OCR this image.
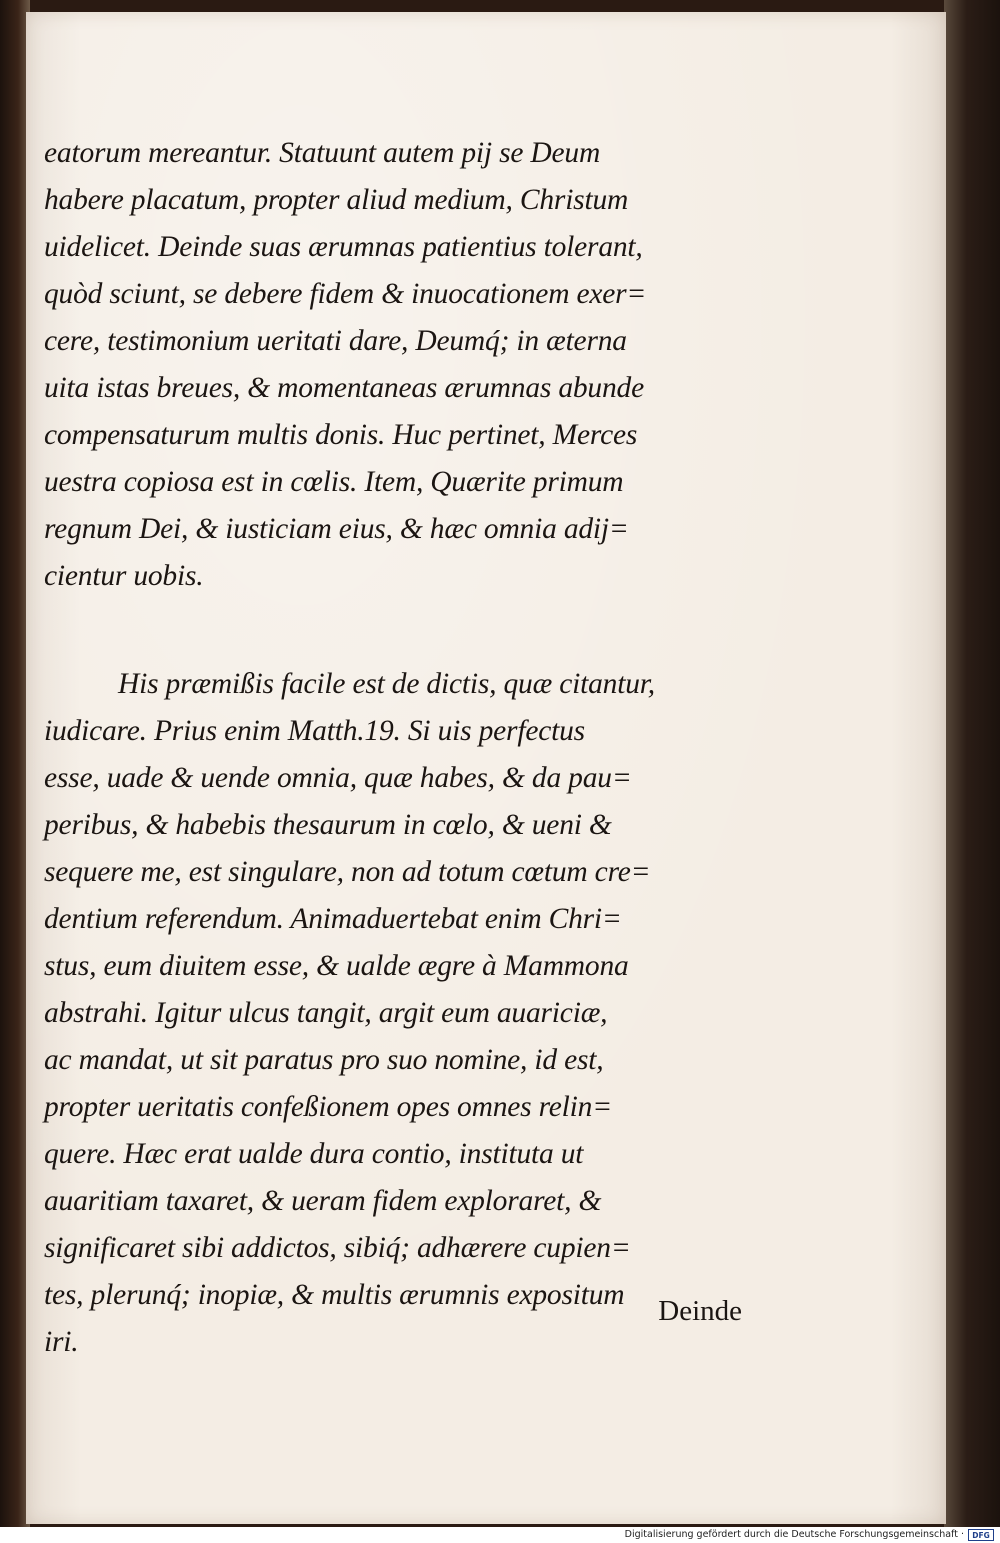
eatorum mereantur. Statuunt autem pij se Deum
habere placatum, propter aliud medium, Christum
uidelicet. Deinde suas ærumnas patientius tolerant,
quòd sciunt, se debere fidem & inuocationem exer=
cere, testimonium ueritati dare, Deumq́; in æterna
uita istas breues, & momentaneas ærumnas abunde
compensaturum multis donis. Huc pertinet, Merces
uestra copiosa est in cœlis. Item, Quærite primum
regnum Dei, & iusticiam eius, & hæc omnia adij=
cientur uobis.
His præmißis facile est de dictis, quæ citantur,
iudicare. Prius enim Matth.19. Si uis perfectus
esse, uade & uende omnia, quæ habes, & da pau=
peribus, & habebis thesaurum in cœlo, & ueni &
sequere me, est singulare, non ad totum cœtum cre=
dentium referendum. Animaduertebat enim Chri=
stus, eum diuitem esse, & ualde ægre à Mammona
abstrahi. Igitur ulcus tangit, argit eum auariciæ,
ac mandat, ut sit paratus pro suo nomine, id est,
propter ueritatis confeßionem opes omnes relin=
quere. Hæc erat ualde dura contio, instituta ut
auaritiam taxaret, & ueram fidem exploraret, &
significaret sibi addictos, sibiq́; adhærere cupien=
tes, plerunq́; inopiæ, & multis ærumnis expositum
iri.
Deinde
Digitalisierung gefördert durch die Deutsche Forschungsgemeinschaft ·	DFG
